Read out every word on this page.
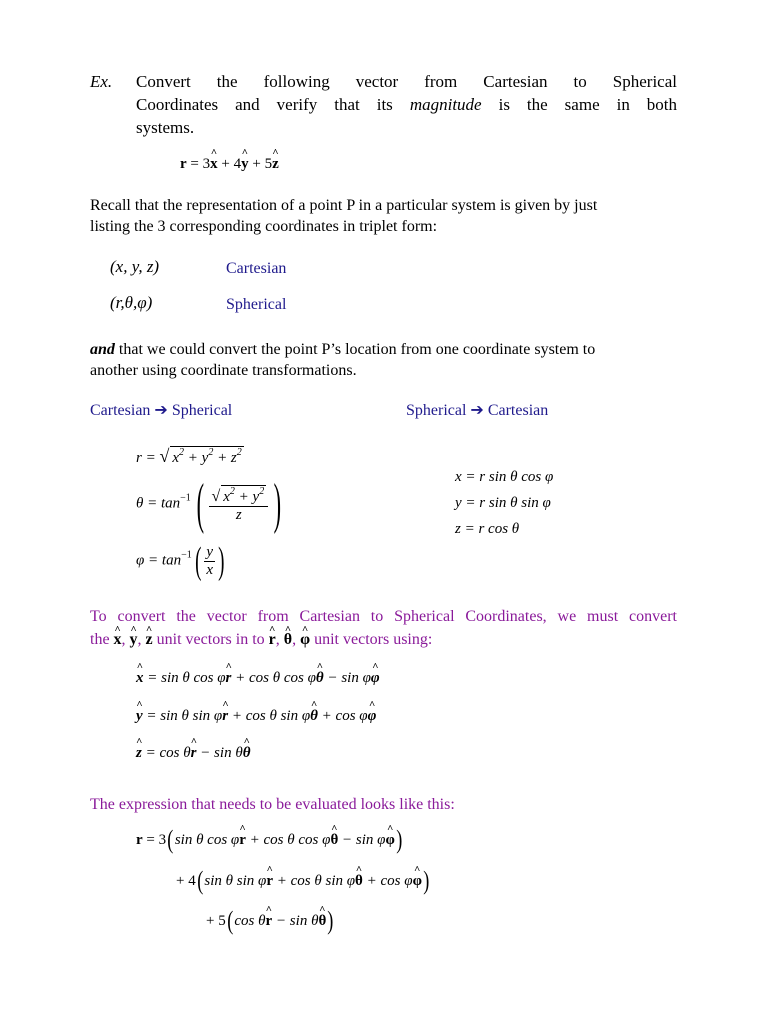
Ex. Convert the following vector from Cartesian to Spherical
Coordinates and verify that its magnitude is the same in both
systems.
r = 3x ^ + 4y ^ + 5z ^
Recall that the representation of a point P in a particular system is given by just
listing the 3 corresponding coordinates in triplet form:
(x, y, z)	Cartesian
(r,θ,φ)	Spherical
and that we could convert the point P’s location from one coordinate system to
another using coordinate transformations.
Cartesian ➔ Spherical	Spherical ➔ Cartesian
r = √ $x^2 + y^2 + z^2$
$\theta = \tan^{-1}( \frac{√ x^2 + y^2}{z}$ )
$\varphi = \tan^{-1}( \frac{y}{x}$ )
x = r sin θ cos φ
y = r sin θ sin φ
z = r cos θ
To convert the vector from Cartesian to Spherical Coordinates, we must convert
the x ^, y ^, z ^ unit vectors in to r ^, θ ^, φ ^ unit vectors using:
x ^ = sin θ cos φr ^ + cos θ cos φθ ^ − sin φφ ^
y ^ = sin θ sin φr ^ + cos θ sin φθ ^ + cos φφ ^
z ^ = cos θr ^ − sin θθ ^
The expression that needs to be evaluated looks like this:
r = 3(sin θ cos φr ^ + cos θ cos φθ ^ − sin φφ ^)
+ 4(sin θ sin φr ^ + cos θ sin φθ ^ + cos φφ ^)
+ 5(cos θr ^ − sin θθ ^)
